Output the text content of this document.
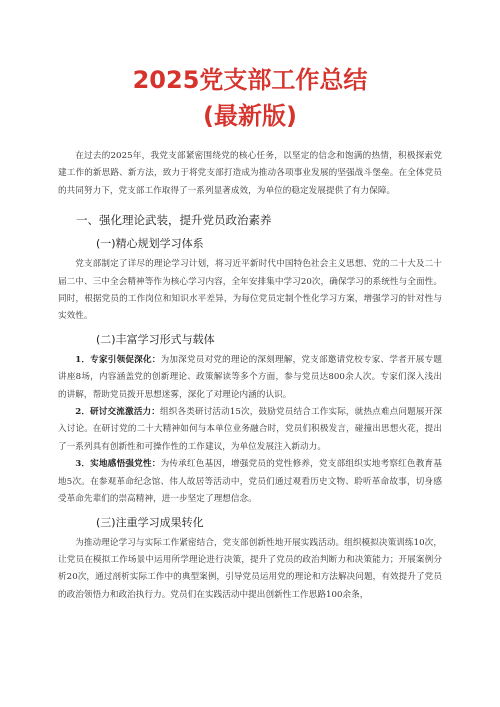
2025党支部工作总结
(最新版)

在过去的2025年，我党支部紧密围绕党的核心任务，以坚定的信念和饱满的热情，积极探索党建工作的新思路、新方法，致力于将党支部打造成为推动各项事业发展的坚强战斗堡垒。在全体党员的共同努力下，党支部工作取得了一系列显著成效，为单位的稳定发展提供了有力保障。

一、强化理论武装，提升党员政治素养
(一)精心规划学习体系

党支部制定了详尽的理论学习计划，将习近平新时代中国特色社会主义思想、党的二十大及二十届二中、三中全会精神等作为核心学习内容，全年安排集中学习20次，确保学习的系统性与全面性。同时，根据党员的工作岗位和知识水平差异，为每位党员定制个性化学习方案，增强学习的针对性与实效性。

(二)丰富学习形式与载体

1．专家引领促深化：为加深党员对党的理论的深刻理解，党支部邀请党校专家、学者开展专题讲座8场，内容涵盖党的创新理论、政策解读等多个方面，参与党员达800余人次。专家们深入浅出的讲解，帮助党员拨开思想迷雾，深化了对理论内涵的认识。

2．研讨交流激活力：组织各类研讨活动15次，鼓励党员结合工作实际，就热点难点问题展开深入讨论。在研讨党的二十大精神如何与本单位业务融合时，党员们积极发言，碰撞出思想火花，提出了一系列具有创新性和可操作性的工作建议，为单位发展注入新动力。

3．实地感悟强党性：为传承红色基因，增强党员的党性修养，党支部组织实地考察红色教育基地5次。在参观革命纪念馆、伟人故居等活动中，党员们通过观看历史文物、聆听革命故事，切身感受革命先辈们的崇高精神，进一步坚定了理想信念。

(三)注重学习成果转化

为推动理论学习与实际工作紧密结合，党支部创新性地开展实践活动。组织模拟决策训练10次，让党员在模拟工作场景中运用所学理论进行决策，提升了党员的政治判断力和决策能力；开展案例分析20次，通过剖析实际工作中的典型案例，引导党员运用党的理论和方法解决问题，有效提升了党员的政治领悟力和政治执行力。党员们在实践活动中提出创新性工作思路100余条，
